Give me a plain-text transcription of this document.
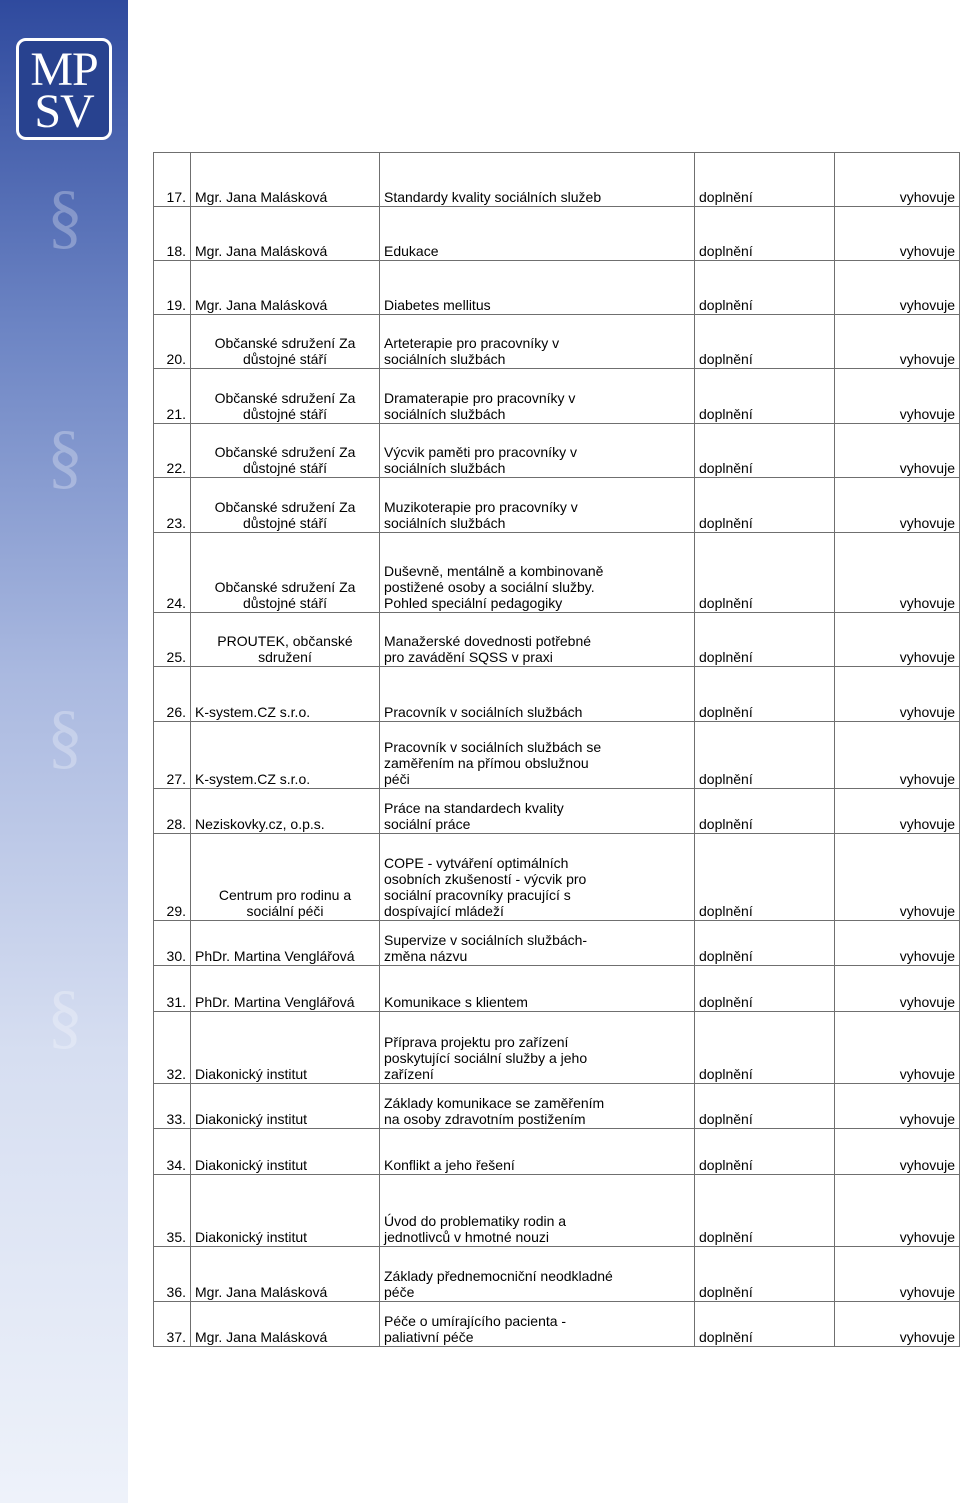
§
§
§
§
MP
SV
17.	Mgr. Jana Malásková	Standardy kvality sociálních služeb	doplnění	vyhovuje
18.	Mgr. Jana Malásková	Edukace	doplnění	vyhovuje
19.	Mgr. Jana Malásková	Diabetes mellitus	doplnění	vyhovuje
20.	Občanské sdružení Za
důstojné stáří	Arteterapie pro pracovníky v
sociálních službách	doplnění	vyhovuje
21.	Občanské sdružení Za
důstojné stáří	Dramaterapie pro pracovníky v
sociálních službách	doplnění	vyhovuje
22.	Občanské sdružení Za
důstojné stáří	Výcvik paměti pro pracovníky v
sociálních službách	doplnění	vyhovuje
23.	Občanské sdružení Za
důstojné stáří	Muzikoterapie pro pracovníky v
sociálních službách	doplnění	vyhovuje
24.	Občanské sdružení Za
důstojné stáří	Duševně, mentálně a kombinovaně
postižené osoby a sociální služby.
Pohled speciální pedagogiky	doplnění	vyhovuje
25.	PROUTEK, občanské
sdružení	Manažerské dovednosti potřebné
pro zavádění SQSS v praxi	doplnění	vyhovuje
26.	K-system.CZ s.r.o.	Pracovník v sociálních službách	doplnění	vyhovuje
27.	K-system.CZ s.r.o.	Pracovník v sociálních službách se
zaměřením na přímou obslužnou
péči	doplnění	vyhovuje
28.	Neziskovky.cz, o.p.s.	Práce na standardech kvality
sociální práce	doplnění	vyhovuje
29.	Centrum pro rodinu a
sociální péči	COPE - vytváření optimálních
osobních zkušeností - výcvik pro
sociální pracovníky pracující s
dospívající mládeží	doplnění	vyhovuje
30.	PhDr. Martina Venglářová	Supervize v sociálních službách-
změna názvu	doplnění	vyhovuje
31.	PhDr. Martina Venglářová	Komunikace s klientem	doplnění	vyhovuje
32.	Diakonický institut	Příprava projektu pro zařízení
poskytující sociální služby a jeho
zařízení	doplnění	vyhovuje
33.	Diakonický institut	Základy komunikace se zaměřením
na osoby zdravotním postižením	doplnění	vyhovuje
34.	Diakonický institut	Konflikt a jeho řešení	doplnění	vyhovuje
35.	Diakonický institut	Úvod do problematiky rodin a
jednotlivců v hmotné nouzi	doplnění	vyhovuje
36.	Mgr. Jana Malásková	Základy přednemocniční neodkladné
péče	doplnění	vyhovuje
37.	Mgr. Jana Malásková	Péče o umírajícího pacienta -
paliativní péče	doplnění	vyhovuje
